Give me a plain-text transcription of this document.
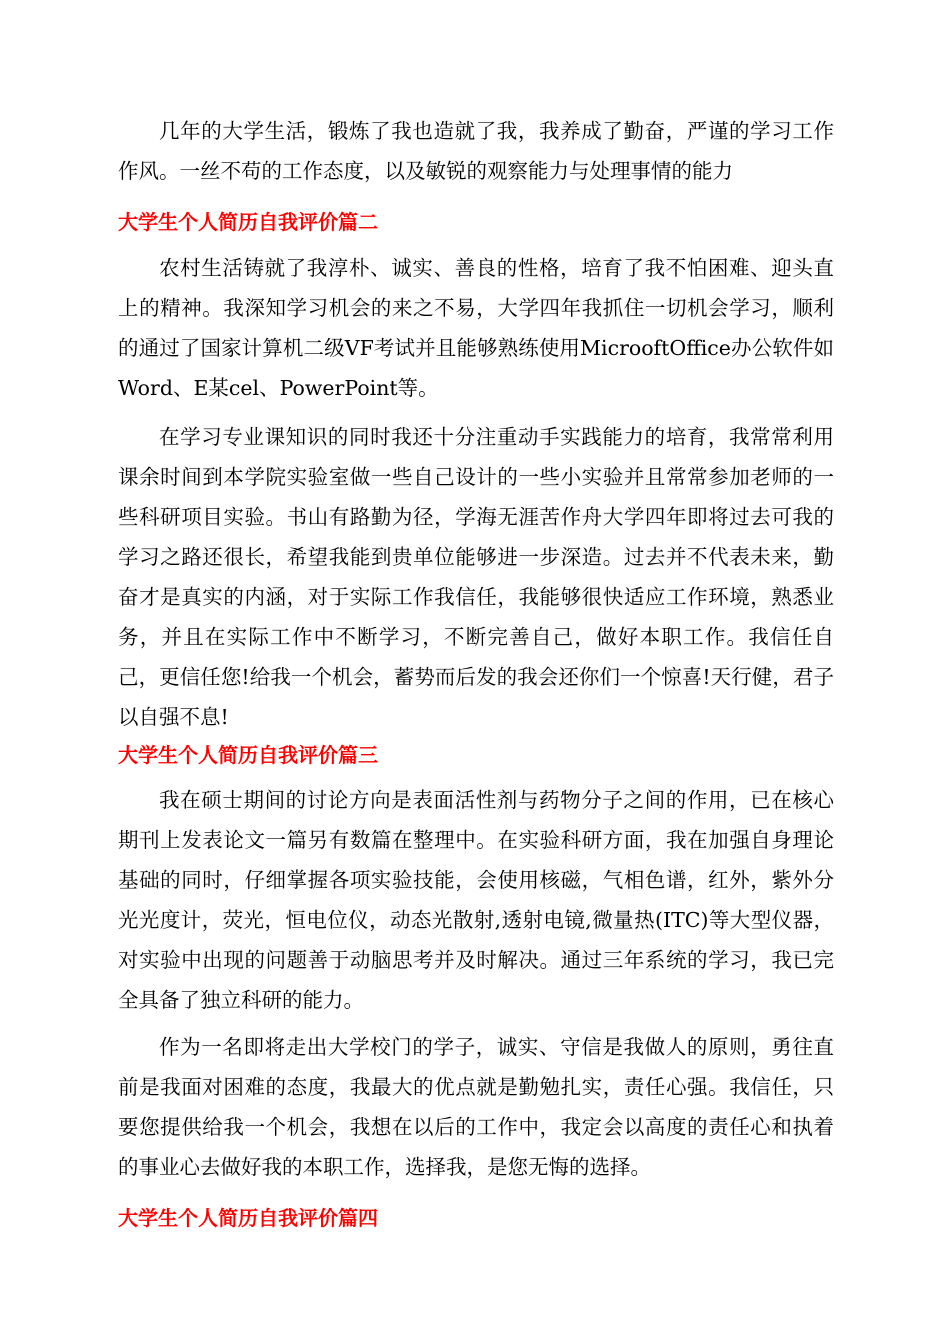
几年的大学生活，锻炼了我也造就了我，我养成了勤奋，严谨的学习工作作风。一丝不苟的工作态度，以及敏锐的观察能力与处理事情的能力

大学生个人简历自我评价篇二

农村生活铸就了我淳朴、诚实、善良的性格，培育了我不怕困难、迎头直上的精神。我深知学习机会的来之不易，大学四年我抓住一切机会学习，顺利的通过了国家计算机二级VF考试并且能够熟练使用MicrooftOffice办公软件如Word、E某cel、PowerPoint等。

在学习专业课知识的同时我还十分注重动手实践能力的培育，我常常利用课余时间到本学院实验室做一些自己设计的一些小实验并且常常参加老师的一些科研项目实验。书山有路勤为径，学海无涯苦作舟大学四年即将过去可我的学习之路还很长，希望我能到贵单位能够进一步深造。过去并不代表未来，勤奋才是真实的内涵，对于实际工作我信任，我能够很快适应工作环境，熟悉业务，并且在实际工作中不断学习，不断完善自己，做好本职工作。我信任自己，更信任您!给我一个机会，蓄势而后发的我会还你们一个惊喜!天行健，君子以自强不息!

大学生个人简历自我评价篇三

我在硕士期间的讨论方向是表面活性剂与药物分子之间的作用，已在核心期刊上发表论文一篇另有数篇在整理中。在实验科研方面，我在加强自身理论基础的同时，仔细掌握各项实验技能，会使用核磁，气相色谱，红外，紫外分光光度计，荧光，恒电位仪，动态光散射,透射电镜,微量热(ITC)等大型仪器，对实验中出现的问题善于动脑思考并及时解决。通过三年系统的学习，我已完全具备了独立科研的能力。

作为一名即将走出大学校门的学子，诚实、守信是我做人的原则，勇往直前是我面对困难的态度，我最大的优点就是勤勉扎实，责任心强。我信任，只要您提供给我一个机会，我想在以后的工作中，我定会以高度的责任心和执着的事业心去做好我的本职工作，选择我，是您无悔的选择。

大学生个人简历自我评价篇四
